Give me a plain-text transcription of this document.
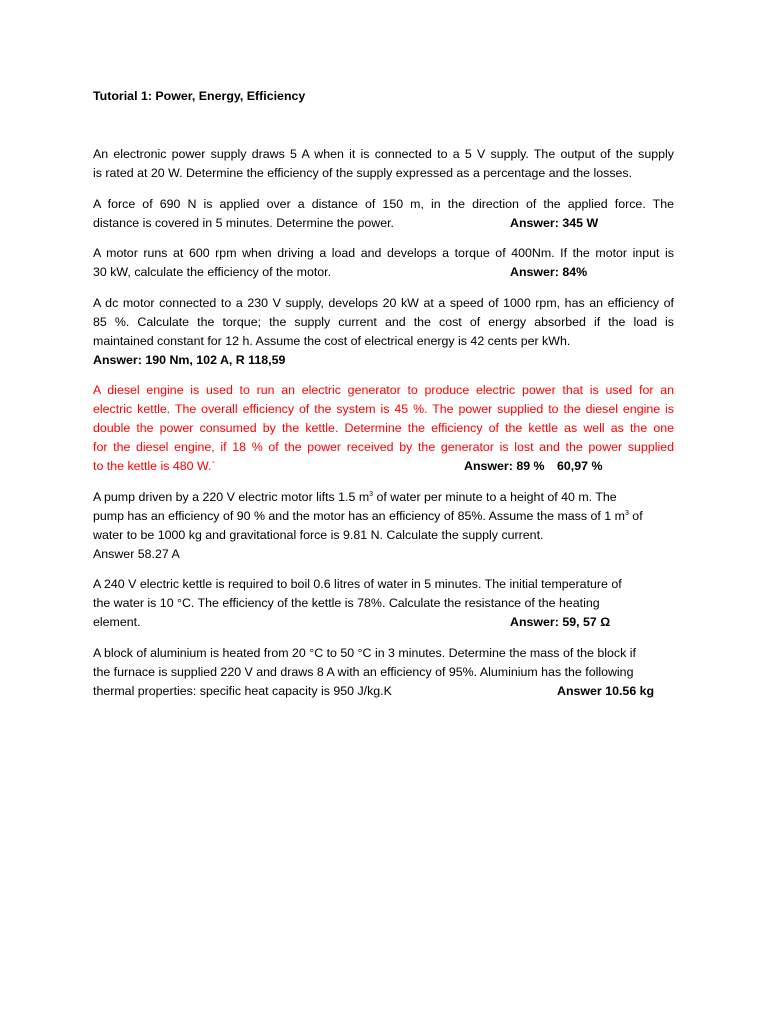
Tutorial 1: Power, Energy, Efficiency
An electronic power supply draws 5 A when it is connected to a 5 V supply. The output of the supply
is rated at 20 W. Determine the efficiency of the supply expressed as a percentage and the losses.
A force of 690 N is applied over a distance of 150 m, in the direction of the applied force. The
distance is covered in 5 minutes. Determine the power.	Answer: 345 W
A motor runs at 600 rpm when driving a load and develops a torque of 400Nm. If the motor input is
30 kW, calculate the efficiency of the motor.	Answer: 84%
A dc motor connected to a 230 V supply, develops 20 kW at a speed of 1000 rpm, has an efficiency of
85 %. Calculate the torque; the supply current and the cost of energy absorbed if the load is
maintained constant for 12 h. Assume the cost of electrical energy is 42 cents per kWh.
Answer: 190 Nm, 102 A, R 118,59
A diesel engine is used to run an electric generator to produce electric power that is used for an
electric kettle. The overall efficiency of the system is 45 %. The power supplied to the diesel engine is
double the power consumed by the kettle. Determine the efficiency of the kettle as well as the one
for the diesel engine, if 18 % of the power received by the generator is lost and the power supplied
to the kettle is 480 W.`	Answer: 89 % 60,97 %
A pump driven by a 220 V electric motor lifts 1.5 $m^3$ of water per minute to a height of 40 m. The
pump has an efficiency of 90 % and the motor has an efficiency of 85%. Assume the mass of 1 $m^3$ of
water to be 1000 kg and gravitational force is 9.81 N. Calculate the supply current.
Answer 58.27 A
A 240 V electric kettle is required to boil 0.6 litres of water in 5 minutes. The initial temperature of
the water is 10 °C. The efficiency of the kettle is 78%. Calculate the resistance of the heating
element.	Answer: 59, 57 Ω
A block of aluminium is heated from 20 °C to 50 °C in 3 minutes. Determine the mass of the block if
the furnace is supplied 220 V and draws 8 A with an efficiency of 95%. Aluminium has the following
thermal properties: specific heat capacity is 950 J/kg.K	Answer 10.56 kg
